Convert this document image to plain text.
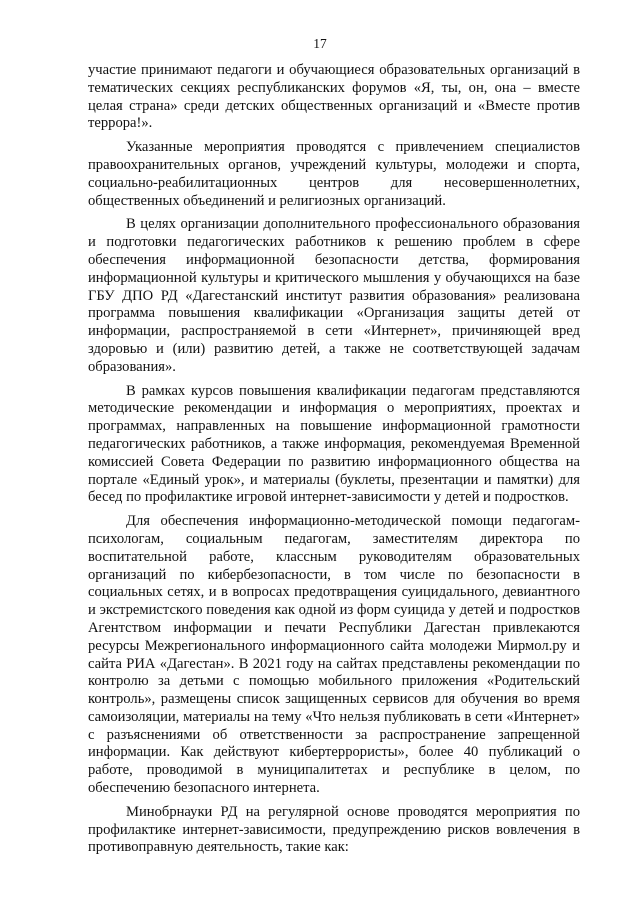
17

участие принимают педагоги и обучающиеся образовательных организаций в тематических секциях республиканских форумов «Я, ты, он, она – вместе целая страна» среди детских общественных организаций и «Вместе против террора!».

Указанные мероприятия проводятся с привлечением специалистов правоохранительных органов, учреждений культуры, молодежи и спорта, социально-реабилитационных центров для несовершеннолетних, общественных объединений и религиозных организаций.

В целях организации дополнительного профессионального образования и подготовки педагогических работников к решению проблем в сфере обеспечения информационной безопасности детства, формирования информационной культуры и критического мышления у обучающихся на базе ГБУ ДПО РД «Дагестанский институт развития образования» реализована программа повышения квалификации «Организация защиты детей от информации, распространяемой в сети «Интернет», причиняющей вред здоровью и (или) развитию детей, а также не соответствующей задачам образования».

В рамках курсов повышения квалификации педагогам представляются методические рекомендации и информация о мероприятиях, проектах и программах, направленных на повышение информационной грамотности педагогических работников, а также информация, рекомендуемая Временной комиссией Совета Федерации по развитию информационного общества на портале «Единый урок», и материалы (буклеты, презентации и памятки) для бесед по профилактике игровой интернет-зависимости у детей и подростков.

Для обеспечения информационно-методической помощи педагогам-психологам, социальным педагогам, заместителям директора по воспитательной работе, классным руководителям образовательных организаций по кибербезопасности, в том числе по безопасности в социальных сетях, и в вопросах предотвращения суицидального, девиантного и экстремистского поведения как одной из форм суицида у детей и подростков Агентством информации и печати Республики Дагестан привлекаются ресурсы Межрегионального информационного сайта молодежи Мирмол.ру и сайта РИА «Дагестан». В 2021 году на сайтах представлены рекомендации по контролю за детьми с помощью мобильного приложения «Родительский контроль», размещены список защищенных сервисов для обучения во время самоизоляции, материалы на тему «Что нельзя публиковать в сети «Интернет» с разъяснениями об ответственности за распространение запрещенной информации. Как действуют кибертеррористы», более 40 публикаций о работе, проводимой в муниципалитетах и республике в целом, по обеспечению безопасного интернета.

Минобрнауки РД на регулярной основе проводятся мероприятия по профилактике интернет-зависимости, предупреждению рисков вовлечения в противоправную деятельность, такие как:
